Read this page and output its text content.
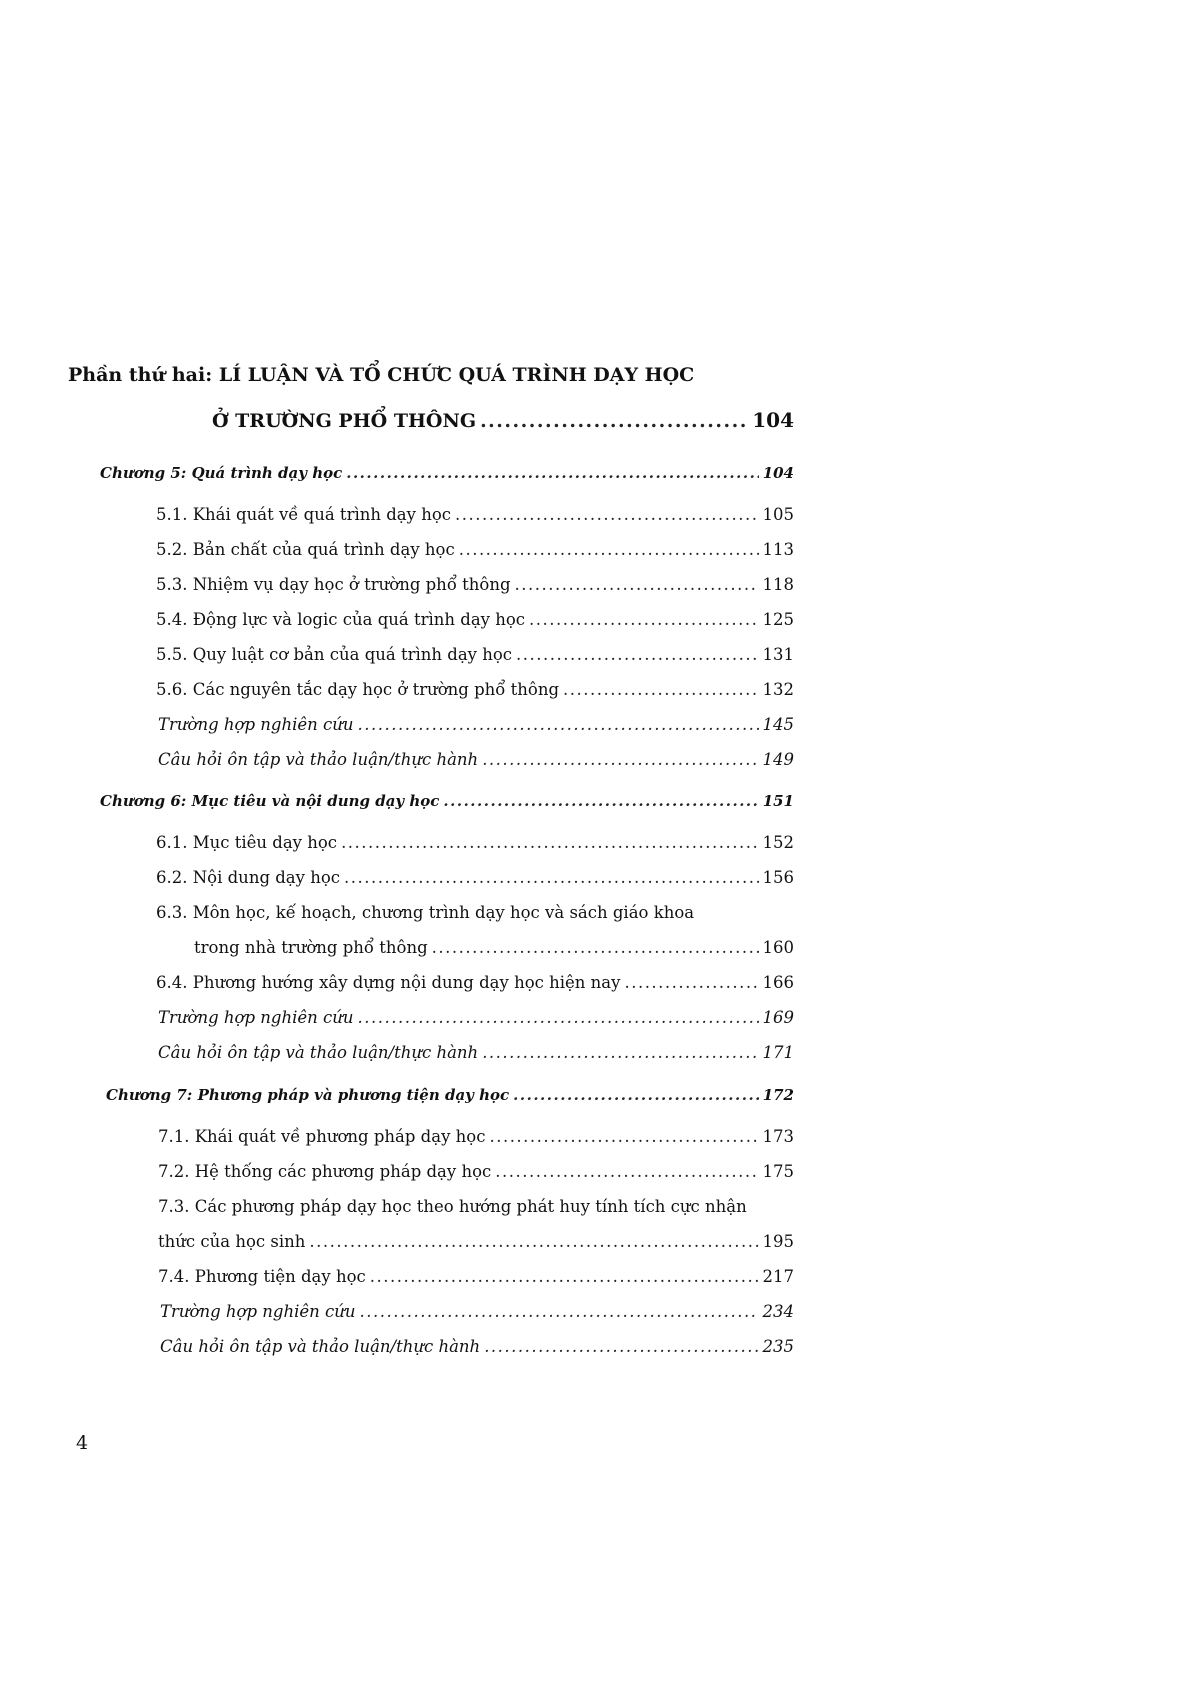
Phần thứ hai: LÍ LUẬN VÀ TỔ CHỨC QUÁ TRÌNH DẠY HỌC
Ở TRƯỜNG PHỔ THÔNG .....	104
Chương 5: Quá trình dạy học .....	104
5.1. Khái quát về quá trình dạy học .....	105
5.2. Bản chất của quá trình dạy học .....	113
5.3. Nhiệm vụ dạy học ở trường phổ thông .....	118
5.4. Động lực và logic của quá trình dạy học .....	125
5.5. Quy luật cơ bản của quá trình dạy học .....	131
5.6. Các nguyên tắc dạy học ở trường phổ thông .....	132
Trường hợp nghiên cứu .....	145
Câu hỏi ôn tập và thảo luận/thực hành .....	149
Chương 6: Mục tiêu và nội dung dạy học .....	151
6.1. Mục tiêu dạy học .....	152
6.2. Nội dung dạy học .....	156
6.3. Môn học, kế hoạch, chương trình dạy học và sách giáo khoa
trong nhà trường phổ thông .....	160
6.4. Phương hướng xây dựng nội dung dạy học hiện nay .....	166
Trường hợp nghiên cứu .....	169
Câu hỏi ôn tập và thảo luận/thực hành .....	171
Chương 7: Phương pháp và phương tiện dạy học .....	172
7.1. Khái quát về phương pháp dạy học .....	173
7.2. Hệ thống các phương pháp dạy học .....	175
7.3. Các phương pháp dạy học theo hướng phát huy tính tích cực nhận
thức của học sinh .....	195
7.4. Phương tiện dạy học .....	217
Trường hợp nghiên cứu .....	234
Câu hỏi ôn tập và thảo luận/thực hành .....	235
4
